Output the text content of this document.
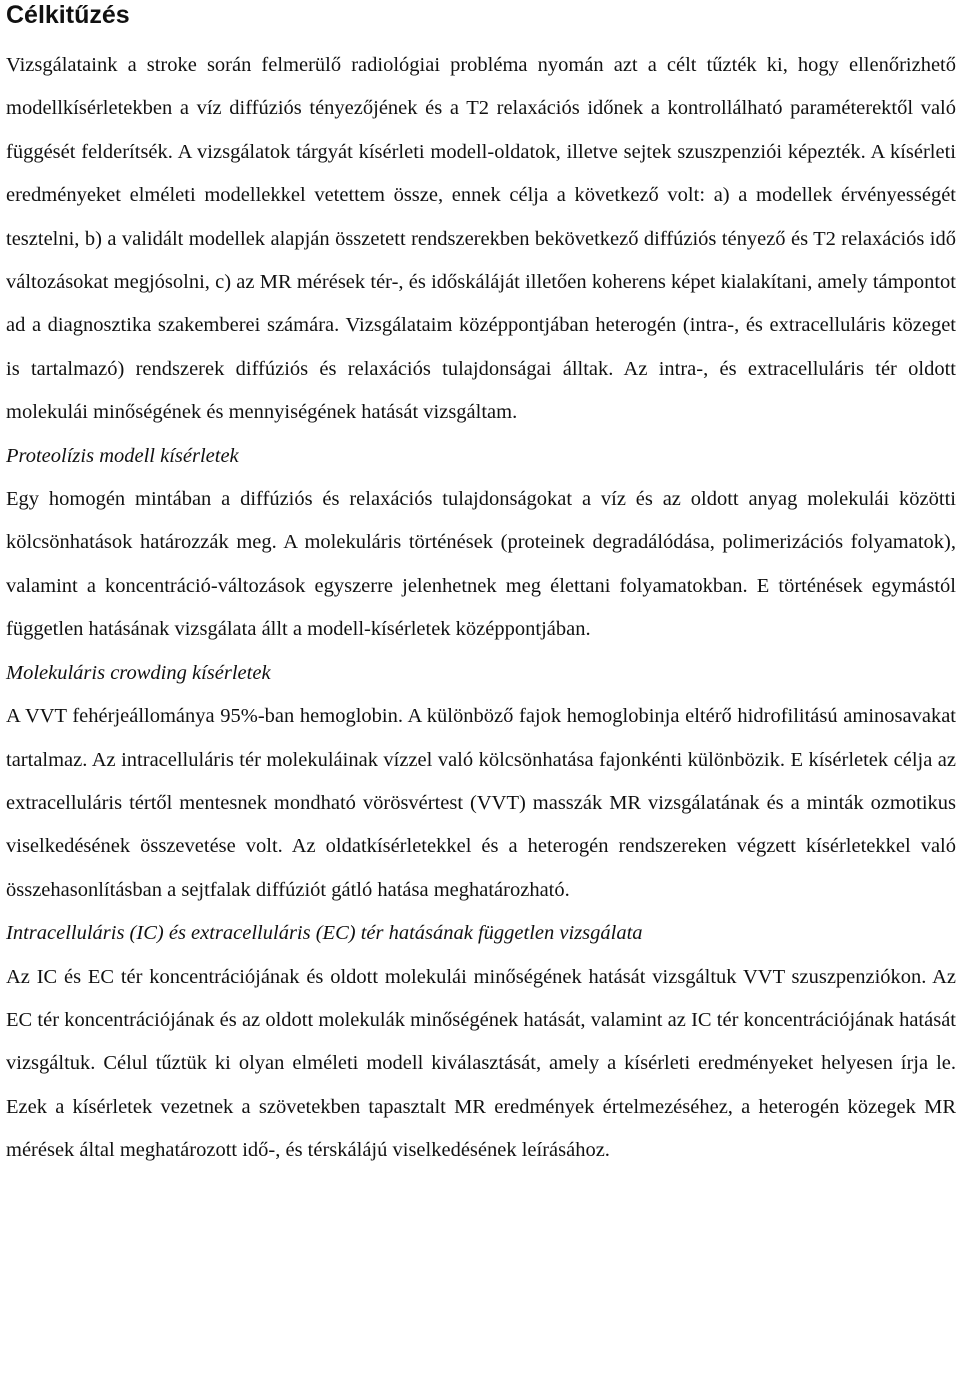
Célkitűzés

Vizsgálataink a stroke során felmerülő radiológiai probléma nyomán azt a célt tűzték ki, hogy ellenőrizhető modellkísérletekben a víz diffúziós tényezőjének és a T2 relaxációs időnek a kontrollálható paraméterektől való függését felderítsék. A vizsgálatok tárgyát kísérleti modell-oldatok, illetve sejtek szuszpenziói képezték. A kísérleti eredményeket elméleti modellekkel vetettem össze, ennek célja a következő volt: a) a modellek érvényességét tesztelni, b) a validált modellek alapján összetett rendszerekben bekövetkező diffúziós tényező és T2 relaxációs idő változásokat megjósolni, c) az MR mérések tér-, és időskáláját illetően koherens képet kialakítani, amely támpontot ad a diagnosztika szakemberei számára. Vizsgálataim középpontjában heterogén (intra-, és extracelluláris közeget is tartalmazó) rendszerek diffúziós és relaxációs tulajdonságai álltak. Az intra-, és extracelluláris tér oldott molekulái minőségének és mennyiségének hatását vizsgáltam.

Proteolízis modell kísérletek

Egy homogén mintában a diffúziós és relaxációs tulajdonságokat a víz és az oldott anyag molekulái közötti kölcsönhatások határozzák meg. A molekuláris történések (proteinek degradálódása, polimerizációs folyamatok), valamint a koncentráció-változások egyszerre jelenhetnek meg élettani folyamatokban. E történések egymástól független hatásának vizsgálata állt a modell-kísérletek középpontjában.

Molekuláris crowding kísérletek

A VVT fehérjeállománya 95%-ban hemoglobin. A különböző fajok hemoglobinja eltérő hidrofilitású aminosavakat tartalmaz. Az intracelluláris tér molekuláinak vízzel való kölcsönhatása fajonkénti különbözik. E kísérletek célja az extracelluláris tértől mentesnek mondható vörösvértest (VVT) masszák MR vizsgálatának és a minták ozmotikus viselkedésének összevetése volt. Az oldatkísérletekkel és a heterogén rendszereken végzett kísérletekkel való összehasonlításban a sejtfalak diffúziót gátló hatása meghatározható.

Intracelluláris (IC) és extracelluláris (EC) tér hatásának független vizsgálata

Az IC és EC tér koncentrációjának és oldott molekulái minőségének hatását vizsgáltuk VVT szuszpenziókon. Az EC tér koncentrációjának és az oldott molekulák minőségének hatását, valamint az IC tér koncentrációjának hatását vizsgáltuk. Célul tűztük ki olyan elméleti modell kiválasztását, amely a kísérleti eredményeket helyesen írja le. Ezek a kísérletek vezetnek a szövetekben tapasztalt MR eredmények értelmezéséhez, a heterogén közegek MR mérések által meghatározott idő-, és térskálájú viselkedésének leírásához.
